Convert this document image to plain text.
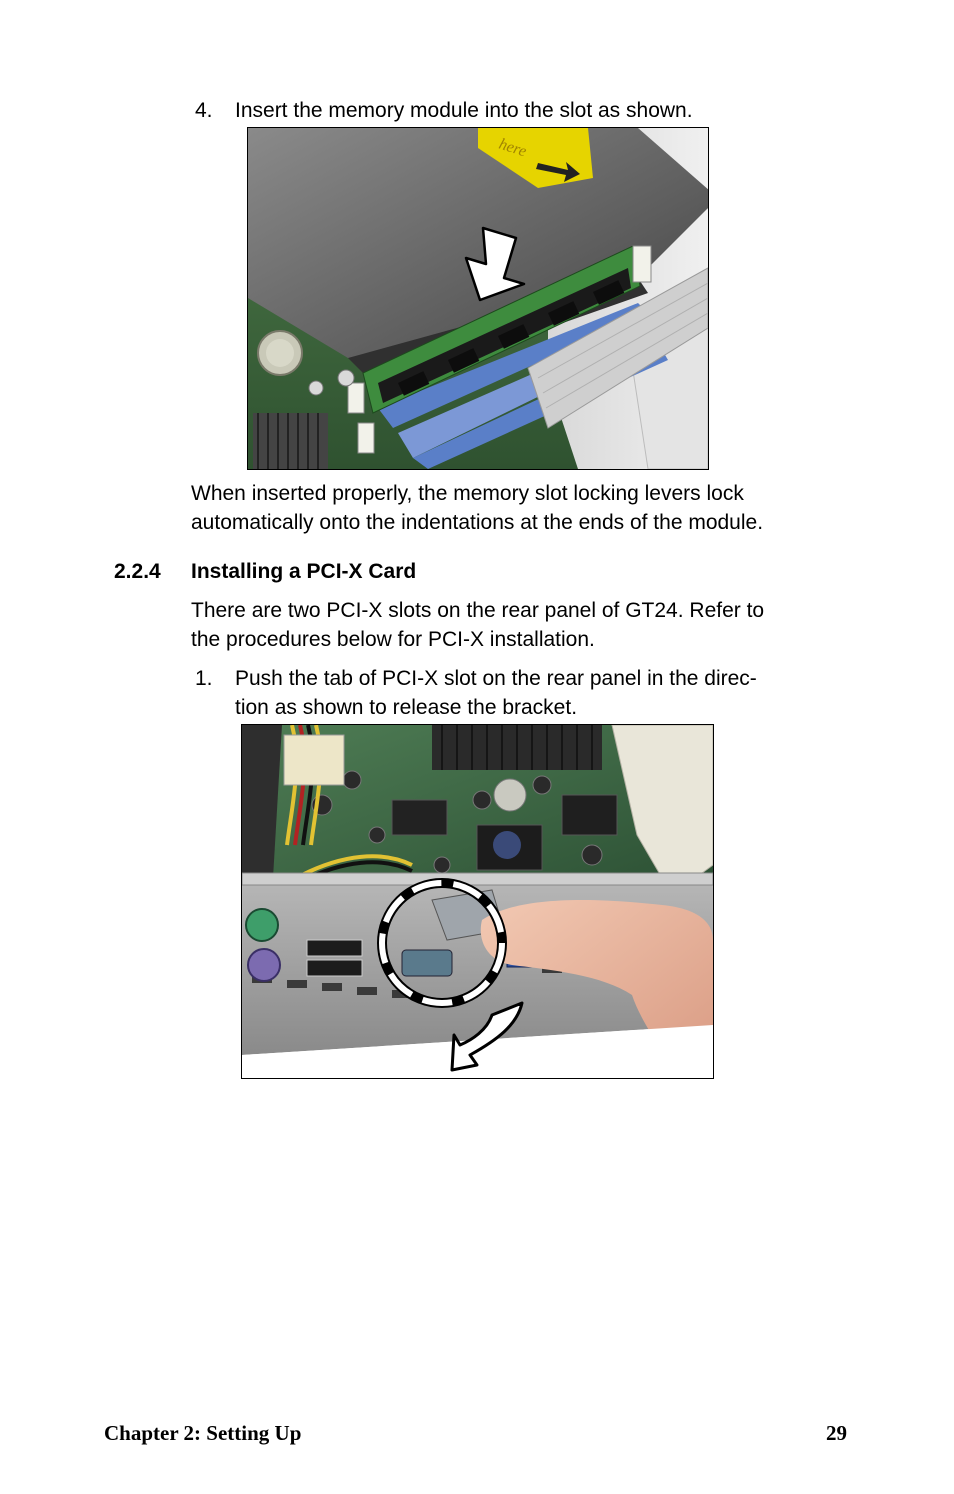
4. Insert the memory module into the slot as shown.
here
When inserted properly, the memory slot locking levers lock
automatically onto the indentations at the ends of the module.
2.2.4 Installing a PCI-X Card
There are two PCI-X slots on the rear panel of GT24. Refer to
the procedures below for PCI-X installation.
1. Push the tab of PCI-X slot on the rear panel in the direc-
tion as shown to release the bracket.
Chapter 2: Setting Up	29
